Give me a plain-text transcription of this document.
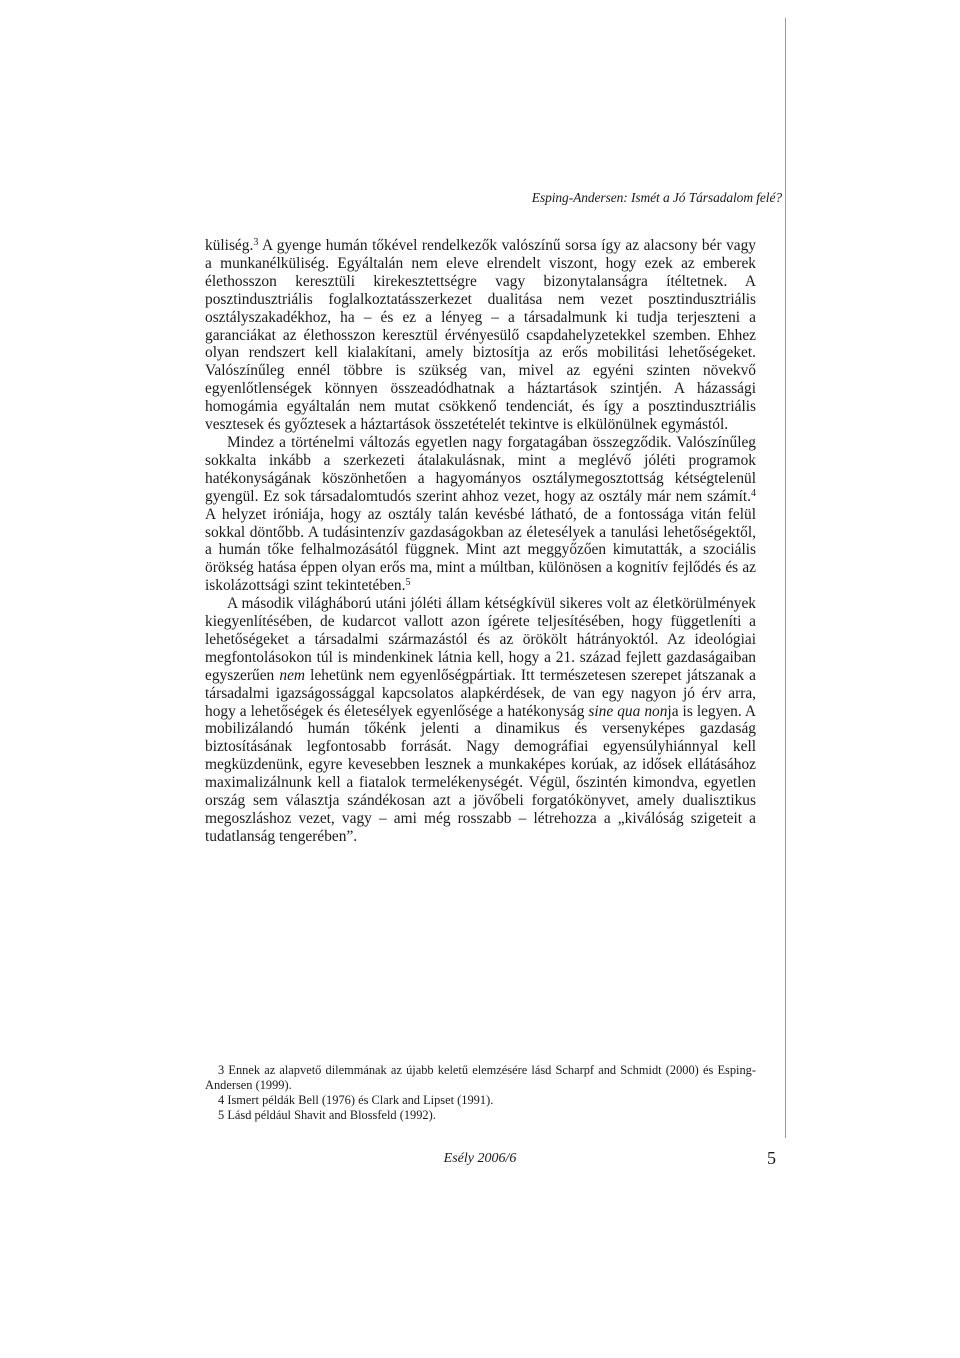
Esping-Andersen: Ismét a Jó Társadalom felé?

küliség.$^3$ A gyenge humán tőkével rendelkezők valószínű sorsa így az alacsony bér vagy a munkanélküliség. Egyáltalán nem eleve elrendelt viszont, hogy ezek az emberek élethosszon keresztüli kirekesztettségre vagy bizonytalanságra ítéltetnek. A posztindusztriális foglalkoztatásszerkezet dualitása nem vezet posztindusztriális osztályszakadékhoz, ha – és ez a lényeg – a társadalmunk ki tudja terjeszteni a garanciákat az élethosszon keresztül érvényesülő csapdahelyzetekkel szemben. Ehhez olyan rendszert kell kialakítani, amely biztosítja az erős mobilitási lehetőségeket. Valószínűleg ennél többre is szükség van, mivel az egyéni szinten növekvő egyenlőtlenségek könnyen összeadódhatnak a háztartások szintjén. A házassági homogámia egyáltalán nem mutat csökkenő tendenciát, és így a posztindusztriális vesztesek és győztesek a háztartások összetételét tekintve is elkülönülnek egymástól.

Mindez a történelmi változás egyetlen nagy forgatagában összegződik. Valószínűleg sokkalta inkább a szerkezeti átalakulásnak, mint a meglévő jóléti programok hatékonyságának köszönhetően a hagyományos osztálymegosztottság kétségtelenül gyengül. Ez sok társadalomtudós szerint ahhoz vezet, hogy az osztály már nem számít.$^4$ A helyzet iróniája, hogy az osztály talán kevésbé látható, de a fontossága vitán felül sokkal döntőbb. A tudásintenzív gazdaságokban az életesélyek a tanulási lehetőségektől, a humán tőke felhalmozásától függnek. Mint azt meggyőzően kimutatták, a szociális örökség hatása éppen olyan erős ma, mint a múltban, különösen a kognitív fejlődés és az iskolázottsági szint tekintetében.$^5$

A második világháború utáni jóléti állam kétségkívül sikeres volt az életkörülmények kiegyenlítésében, de kudarcot vallott azon ígérete teljesítésében, hogy függetleníti a lehetőségeket a társadalmi származástól és az örökölt hátrányoktól. Az ideológiai megfontolásokon túl is mindenkinek látnia kell, hogy a 21. század fejlett gazdaságaiban egyszerűen nem lehetünk nem egyenlőségpártiak. Itt természetesen szerepet játszanak a társadalmi igazságossággal kapcsolatos alapkérdések, de van egy nagyon jó érv arra, hogy a lehetőségek és életesélyek egyenlősége a hatékonyság sine qua nonja is legyen. A mobilizálandó humán tőkénk jelenti a dinamikus és versenyképes gazdaság biztosításának legfontosabb forrását. Nagy demográfiai egyensúlyhiánnyal kell megküzdenünk, egyre kevesebben lesznek a munkaképes korúak, az idősek ellátásához maximalizálnunk kell a fiatalok termelékenységét. Végül, őszintén kimondva, egyetlen ország sem választja szándékosan azt a jövőbeli forgatókönyvet, amely dualisztikus megoszláshoz vezet, vagy – ami még rosszabb – létrehozza a „kiválóság szigeteit a tudatlanság tengerében”.

3 Ennek az alapvető dilemmának az újabb keletű elemzésére lásd Scharpf and Schmidt (2000) és Esping-Andersen (1999).

4 Ismert példák Bell (1976) és Clark and Lipset (1991).

5 Lásd például Shavit and Blossfeld (1992).

Esély 2006/6	5
